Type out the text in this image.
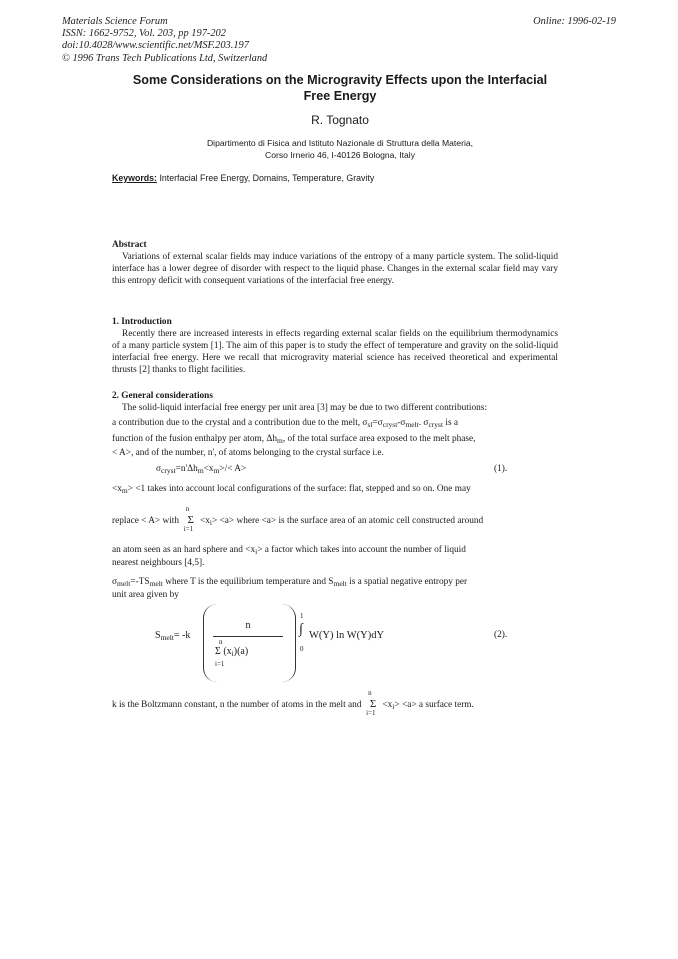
Materials Science Forum
ISSN: 1662-9752, Vol. 203, pp 197-202
doi:10.4028/www.scientific.net/MSF.203.197
© 1996 Trans Tech Publications Ltd, Switzerland
Online: 1996-02-19
Some Considerations on the Microgravity Effects upon the Interfacial
Free Energy
R. Tognato
Dipartimento di Fisica and Istituto Nazionale di Struttura della Materia,
Corso Irnerio 46, I-40126 Bologna, Italy
Keywords: Interfacial Free Energy, Domains, Temperature, Gravity
Abstract
Variations of external scalar fields may induce variations of the entropy of a many particle system. The solid-liquid interface has a lower degree of disorder with respect to the liquid phase. Changes in the external scalar field may vary this entropy deficit with consequent variations of the interfacial free energy.
1. Introduction
Recently there are increased interests in effects regarding external scalar fields on the equilibrium thermodynamics of a many particle system [1]. The aim of this paper is to study the effect of temperature and gravity on the solid-liquid interfacial free energy. Here we recall that microgravity material science has received theoretical and experimental thrusts [2] thanks to flight facilities.
2. General considerations
The solid-liquid interfacial free energy per unit area [3] may be due to two different contributions:
a contribution due to the crystal and a contribution due to the melt, $\sigma_{sl}=\sigma_{cryst}-\sigma_{melt}$. $\sigma_{cryst}$ is a
function of the fusion enthalpy per atom, $\Delta h_m$, of the total surface area exposed to the melt phase,
< A>, and of the number, n', of atoms belonging to the crystal surface i.e.
$\sigma_{cryst}=n'\Delta h_m<x_m>/< A>$	(1).
$<x_m> <1$ takes into account local configurations of the surface: flat, stepped and so on. One may
replace < A> with
n
Σ
i=1
$<x_i> <a>$ where <a> is the surface area of an atomic cell constructed around
an atom seen as an hard sphere and $<x_i> a$ factor which takes into account the number of liquid
nearest neighbours [4,5].
$\sigma_{melt}=-TS_{melt}$ where T is the equilibrium temperature and $S_{melt}$ is a spatial negative entropy per
unit area given by
$S_{melt}= -k$
n
n
Σ
i=1
$(x_i)(a)$
1
∫
0
W(Y) ln W(Y)dY	(2).
k is the Boltzmann constant, n the number of atoms in the melt and
n
Σ
i=1
$<x_i> <a> a$ surface term.
